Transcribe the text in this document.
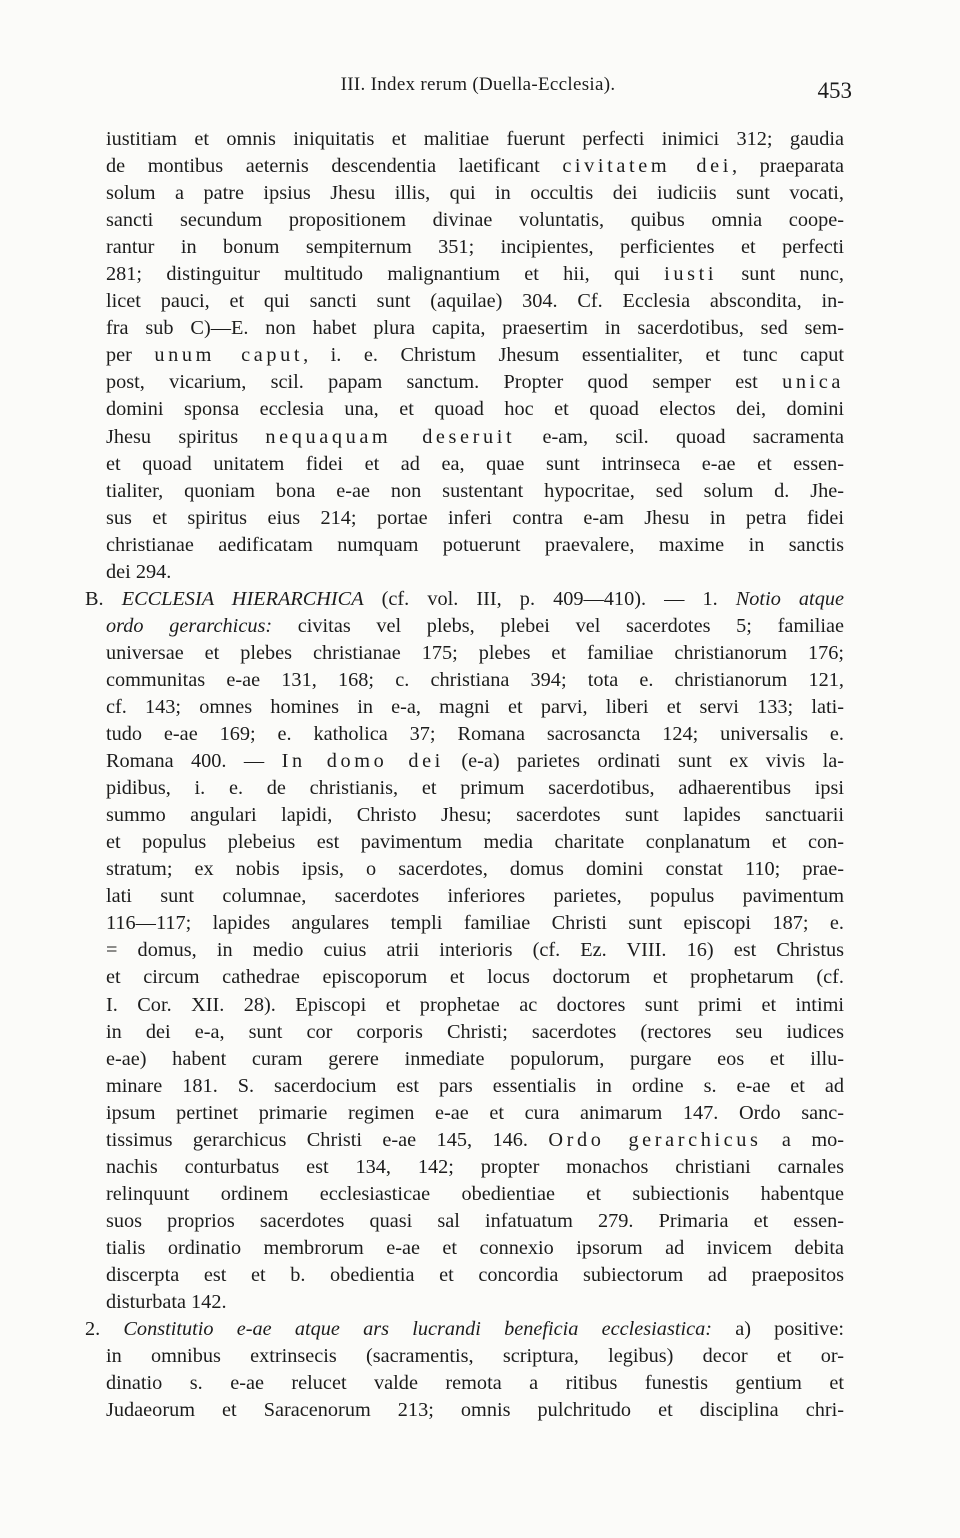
III. Index rerum (Duella-Ecclesia).	453
iustitiam et omnis iniquitatis et malitiae fuerunt perfecti inimici 312; gaudia
de montibus aeternis descendentia laetificant civitatem dei, praeparata
solum a patre ipsius Jhesu illis, qui in occultis dei iudiciis sunt vocati,
sancti secundum propositionem divinae voluntatis, quibus omnia coope-
rantur in bonum sempiternum 351; incipientes, perficientes et perfecti
281; distinguitur multitudo malignantium et hii, qui iusti sunt nunc,
licet pauci, et qui sancti sunt (aquilae) 304. Cf. Ecclesia abscondita, in-
fra sub C)—E. non habet plura capita, praesertim in sacerdotibus, sed sem-
per unum caput, i. e. Christum Jhesum essentialiter, et tunc caput
post, vicarium, scil. papam sanctum. Propter quod semper est unica
domini sponsa ecclesia una, et quoad hoc et quoad electos dei, domini
Jhesu spiritus nequaquam deseruit e-am, scil. quoad sacramenta
et quoad unitatem fidei et ad ea, quae sunt intrinseca e-ae et essen-
tialiter, quoniam bona e-ae non sustentant hypocritae, sed solum d. Jhe-
sus et spiritus eius 214; portae inferi contra e-am Jhesu in petra fidei
christianae aedificatam numquam potuerunt praevalere, maxime in sanctis
dei 294.
B. ECCLESIA HIERARCHICA (cf. vol. III, p. 409—410). — 1. Notio atque
ordo gerarchicus: civitas vel plebs, plebei vel sacerdotes 5; familiae
universae et plebes christianae 175; plebes et familiae christianorum 176;
communitas e-ae 131, 168; c. christiana 394; tota e. christianorum 121,
cf. 143; omnes homines in e-a, magni et parvi, liberi et servi 133; lati-
tudo e-ae 169; e. katholica 37; Romana sacrosancta 124; universalis e.
Romana 400. — In domo dei (e-a) parietes ordinati sunt ex vivis la-
pidibus, i. e. de christianis, et primum sacerdotibus, adhaerentibus ipsi
summo angulari lapidi, Christo Jhesu; sacerdotes sunt lapides sanctuarii
et populus plebeius est pavimentum media charitate conplanatum et con-
stratum; ex nobis ipsis, o sacerdotes, domus domini constat 110; prae-
lati sunt columnae, sacerdotes inferiores parietes, populus pavimentum
116—117; lapides angulares templi familiae Christi sunt episcopi 187; e.
= domus, in medio cuius atrii interioris (cf. Ez. VIII. 16) est Christus
et circum cathedrae episcoporum et locus doctorum et prophetarum (cf.
I. Cor. XII. 28). Episcopi et prophetae ac doctores sunt primi et intimi
in dei e-a, sunt cor corporis Christi; sacerdotes (rectores seu iudices
e-ae) habent curam gerere inmediate populorum, purgare eos et illu-
minare 181. S. sacerdocium est pars essentialis in ordine s. e-ae et ad
ipsum pertinet primarie regimen e-ae et cura animarum 147. Ordo sanc-
tissimus gerarchicus Christi e-ae 145, 146. Ordo gerarchicus a mo-
nachis conturbatus est 134, 142; propter monachos christiani carnales
relinquunt ordinem ecclesiasticae obedientiae et subiectionis habentque
suos proprios sacerdotes quasi sal infatuatum 279. Primaria et essen-
tialis ordinatio membrorum e-ae et connexio ipsorum ad invicem debita
discerpta est et b. obedientia et concordia subiectorum ad praepositos
disturbata 142.
2. Constitutio e-ae atque ars lucrandi beneficia ecclesiastica: a) positive:
in omnibus extrinsecis (sacramentis, scriptura, legibus) decor et or-
dinatio s. e-ae relucet valde remota a ritibus funestis gentium et
Judaeorum et Saracenorum 213; omnis pulchritudo et disciplina chri-
